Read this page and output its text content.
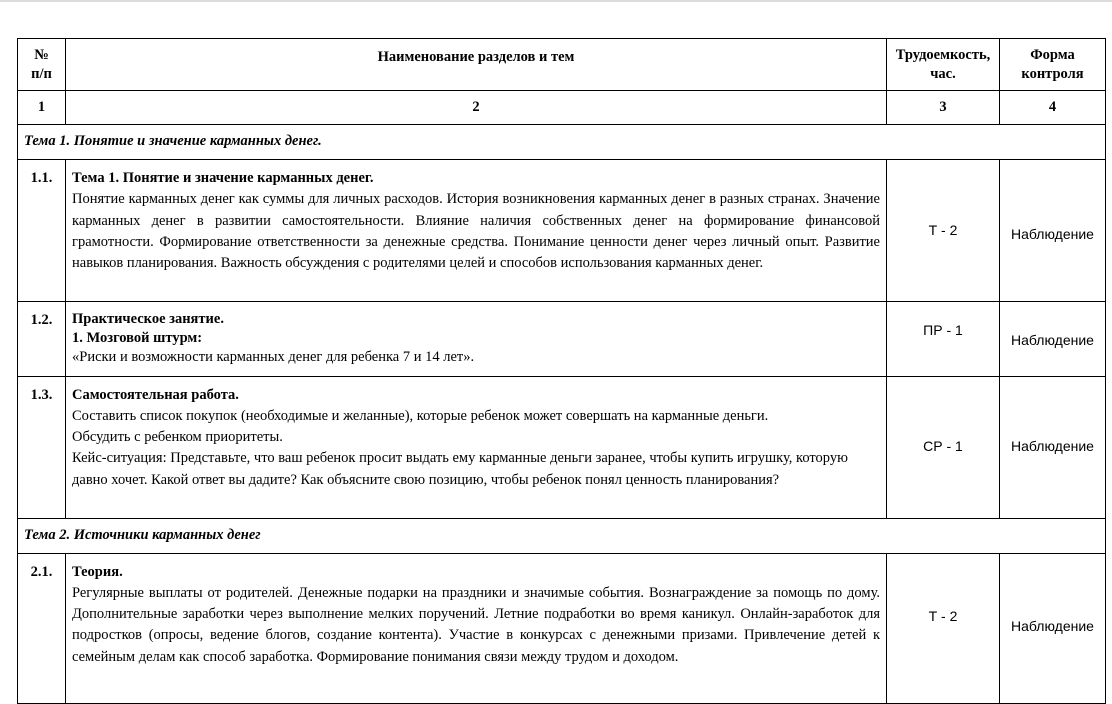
№ п/п	Наименование разделов и тем	Трудоемкость, час.	Форма контроля
1	2	3	4
Тема 1. Понятие и значение карманных денег.			
1.1.	Тема 1. Понятие и значение карманных денег.
Понятие карманных денег как суммы для личных расходов. История возникновения карманных денег в разных странах. Значение карманных денег в развитии самостоятельности. Влияние наличия собственных денег на формирование финансовой грамотности. Формирование ответственности за денежные средства. Понимание ценности денег через личный опыт. Развитие навыков планирования. Важность обсуждения с родителями целей и способов использования карманных денег.	Т - 2	Наблюдение
1.2.	Практическое занятие.
1. Мозговой штурм:
«Риски и возможности карманных денег для ребенка 7 и 14 лет».	ПР - 1	Наблюдение
1.3.	Самостоятельная работа.
Составить список покупок (необходимые и желанные), которые ребенок может совершать на карманные деньги.
Обсудить с ребенком приоритеты.
Кейс-ситуация: Представьте, что ваш ребенок просит выдать ему карманные деньги заранее, чтобы купить игрушку, которую давно хочет. Какой ответ вы дадите? Как объясните свою позицию, чтобы ребенок понял ценность планирования?	СР - 1	Наблюдение
Тема 2. Источники карманных денег			
2.1.	Теория.
Регулярные выплаты от родителей. Денежные подарки на праздники и значимые события. Вознаграждение за помощь по дому. Дополнительные заработки через выполнение мелких поручений. Летние подработки во время каникул. Онлайн-заработок для подростков (опросы, ведение блогов, создание контента). Участие в конкурсах с денежными призами. Привлечение детей к семейным делам как способ заработка. Формирование понимания связи между трудом и доходом.	Т - 2	Наблюдение
